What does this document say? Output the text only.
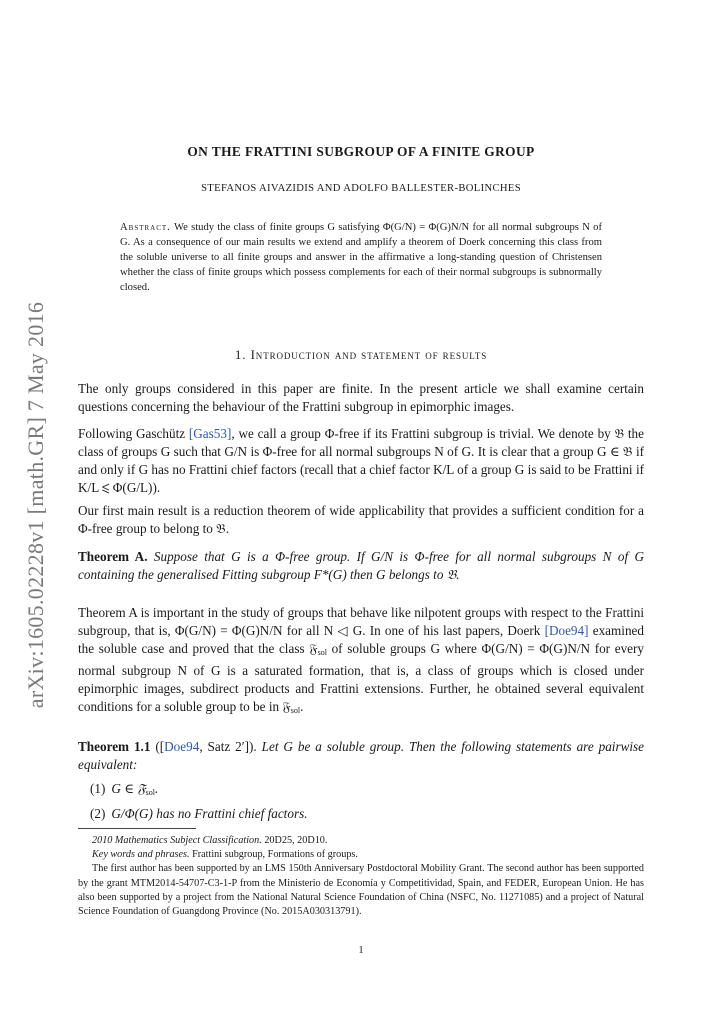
arXiv:1605.02228v1 [math.GR] 7 May 2016
ON THE FRATTINI SUBGROUP OF A FINITE GROUP
STEFANOS AIVAZIDIS AND ADOLFO BALLESTER-BOLINCHES
Abstract. We study the class of finite groups G satisfying Φ(G/N) = Φ(G)N/N for all normal subgroups N of G. As a consequence of our main results we extend and amplify a theorem of Doerk concerning this class from the soluble universe to all finite groups and answer in the affirmative a long-standing question of Christensen whether the class of finite groups which possess complements for each of their normal subgroups is subnormally closed.
1. Introduction and statement of results

The only groups considered in this paper are finite. In the present article we shall examine certain questions concerning the behaviour of the Frattini subgroup in epimorphic images.

Following Gaschütz [Gas53], we call a group Φ-free if its Frattini subgroup is trivial. We denote by 𝔅 the class of groups G such that G/N is Φ-free for all normal subgroups N of G. It is clear that a group G ∈ 𝔅 if and only if G has no Frattini chief factors (recall that a chief factor K/L of a group G is said to be Frattini if K/L ⩽ Φ(G/L)).

Our first main result is a reduction theorem of wide applicability that provides a sufficient condition for a Φ-free group to belong to 𝔅.

Theorem A. Suppose that G is a Φ-free group. If G/N is Φ-free for all normal subgroups N of G containing the generalised Fitting subgroup F*(G) then G belongs to 𝔅.

Theorem A is important in the study of groups that behave like nilpotent groups with respect to the Frattini subgroup, that is, Φ(G/N) = Φ(G)N/N for all N ◁ G. In one of his last papers, Doerk [Doe94] examined the soluble case and proved that the class 𝔉$_{sol}$ of soluble groups G where Φ(G/N) = Φ(G)N/N for every normal subgroup N of G is a saturated formation, that is, a class of groups which is closed under epimorphic images, subdirect products and Frattini extensions. Further, he obtained several equivalent conditions for a soluble group to be in 𝔉$_{sol}$.

Theorem 1.1 ([Doe94, Satz 2′]). Let G be a soluble group. Then the following statements are pairwise equivalent:

(1) G ∈ 𝔉$_{sol}$.
(2) G/Φ(G) has no Frattini chief factors.

2010 Mathematics Subject Classification. 20D25, 20D10.

Key words and phrases. Frattini subgroup, Formations of groups.

The first author has been supported by an LMS 150th Anniversary Postdoctoral Mobility Grant. The second author has been supported by the grant MTM2014-54707-C3-1-P from the Ministerio de Economía y Competitividad, Spain, and FEDER, European Union. He has also been supported by a project from the National Natural Science Foundation of China (NSFC, No. 11271085) and a project of Natural Science Foundation of Guangdong Province (No. 2015A030313791).

1
